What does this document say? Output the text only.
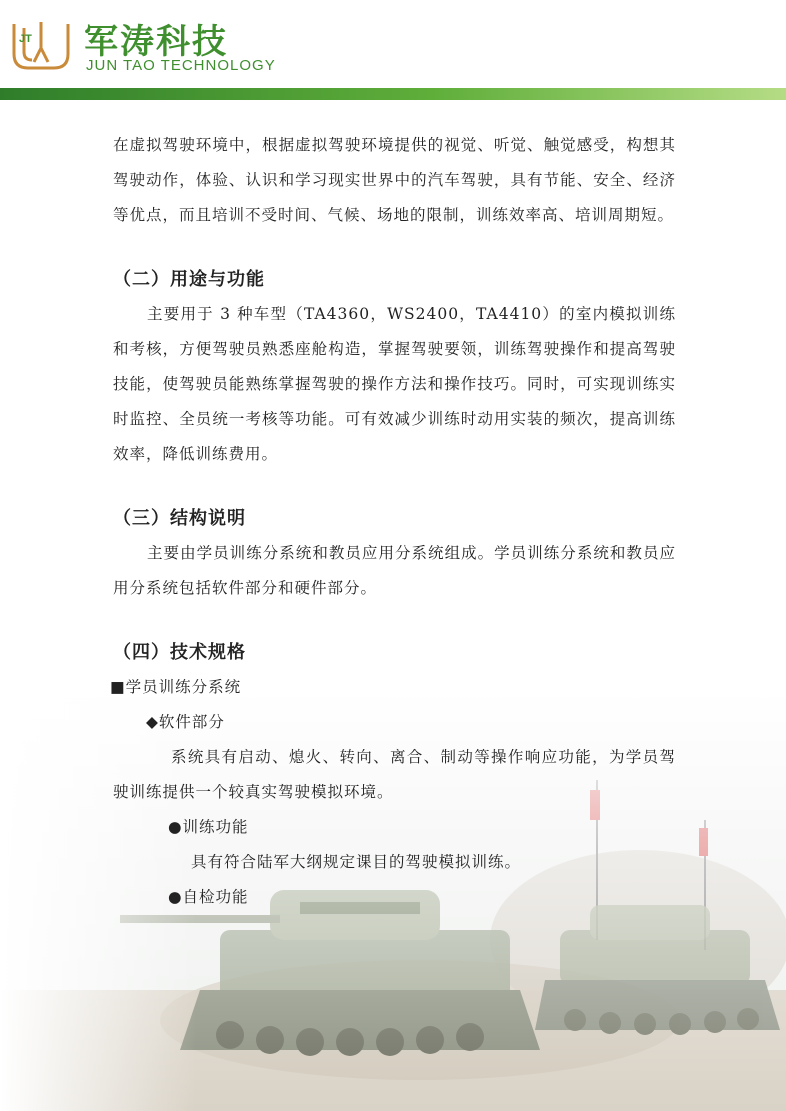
JT 军涛科技
JUN TAO TECHNOLOGY

在虚拟驾驶环境中，根据虚拟驾驶环境提供的视觉、听觉、触觉感受，构想其驾驶动作，体验、认识和学习现实世界中的汽车驾驶，具有节能、安全、经济等优点，而且培训不受时间、气候、场地的限制，训练效率高、培训周期短。

（二）用途与功能

主要用于 3 种车型（TA4360，WS2400，TA4410）的室内模拟训练和考核，方便驾驶员熟悉座舱构造，掌握驾驶要领，训练驾驶操作和提高驾驶技能，使驾驶员能熟练掌握驾驶的操作方法和操作技巧。同时，可实现训练实时监控、全员统一考核等功能。可有效减少训练时动用实装的频次，提高训练效率，降低训练费用。

（三）结构说明

主要由学员训练分系统和教员应用分系统组成。学员训练分系统和教员应用分系统包括软件部分和硬件部分。

（四）技术规格
■学员训练分系统
◆软件部分

系统具有启动、熄火、转向、离合、制动等操作响应功能，为学员驾驶训练提供一个较真实驾驶模拟环境。

●训练功能
具有符合陆军大纲规定课目的驾驶模拟训练。
●自检功能
